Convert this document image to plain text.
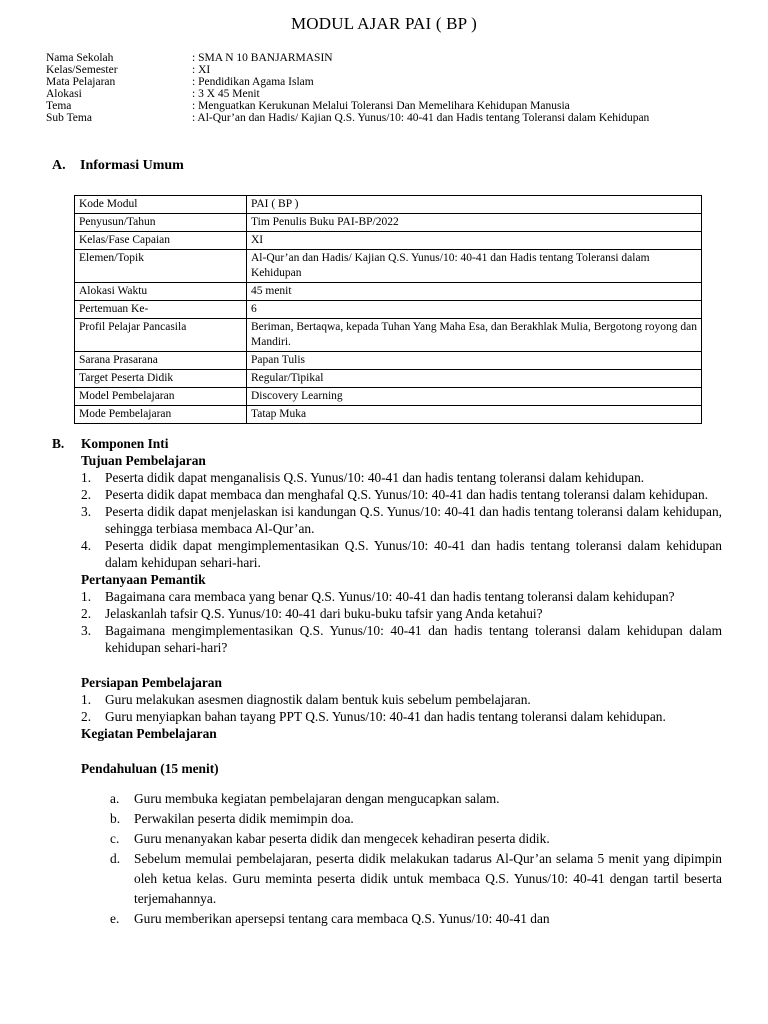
MODUL AJAR PAI ( BP )
Nama Sekolah	: SMA N 10 BANJARMASIN
Kelas/Semester	: XI
Mata Pelajaran	: Pendidikan Agama Islam
Alokasi	: 3 X 45 Menit
Tema	: Menguatkan Kerukunan Melalui Toleransi Dan Memelihara Kehidupan Manusia
Sub Tema	: Al-Qur’an dan Hadis/ Kajian Q.S. Yunus/10: 40-41 dan Hadis tentang Toleransi dalam Kehidupan
A.	Informasi Umum
Kode Modul	PAI ( BP )
Penyusun/Tahun	Tim Penulis Buku PAI-BP/2022
Kelas/Fase Capaian	XI
Elemen/Topik	Al-Qur’an dan Hadis/ Kajian Q.S. Yunus/10: 40-41 dan Hadis tentang Toleransi dalam Kehidupan
Alokasi Waktu	45 menit
Pertemuan Ke-	6
Profil Pelajar Pancasila	Beriman, Bertaqwa, kepada Tuhan Yang Maha Esa, dan Berakhlak Mulia, Bergotong royong dan Mandiri.
Sarana Prasarana	Papan Tulis
Target Peserta Didik	Regular/Tipikal
Model Pembelajaran	Discovery Learning
Mode Pembelajaran	Tatap Muka
B.	Komponen Inti
Tujuan Pembelajaran
1.	Peserta didik dapat menganalisis Q.S. Yunus/10: 40-41 dan hadis tentang toleransi dalam kehidupan.
2.	Peserta didik dapat membaca dan menghafal Q.S. Yunus/10: 40-41 dan hadis tentang toleransi dalam kehidupan.
3.	Peserta didik dapat menjelaskan isi kandungan Q.S. Yunus/10: 40-41 dan hadis tentang toleransi dalam kehidupan, sehingga terbiasa membaca Al-Qur’an.
4.	Peserta didik dapat mengimplementasikan Q.S. Yunus/10: 40-41 dan hadis tentang toleransi dalam kehidupan dalam kehidupan sehari-hari.
Pertanyaan Pemantik
1.	Bagaimana cara membaca yang benar Q.S. Yunus/10: 40-41 dan hadis tentang toleransi dalam kehidupan?
2.	Jelaskanlah tafsir Q.S. Yunus/10: 40-41 dari buku-buku tafsir yang Anda ketahui?
3.	Bagaimana mengimplementasikan Q.S. Yunus/10: 40-41 dan hadis tentang toleransi dalam kehidupan dalam kehidupan sehari-hari?
Persiapan Pembelajaran
1.	Guru melakukan asesmen diagnostik dalam bentuk kuis sebelum pembelajaran.
2.	Guru menyiapkan bahan tayang PPT Q.S. Yunus/10: 40-41 dan hadis tentang toleransi dalam kehidupan.
Kegiatan Pembelajaran
Pendahuluan (15 menit)
a.	Guru membuka kegiatan pembelajaran dengan mengucapkan salam.
b.	Perwakilan peserta didik memimpin doa.
c.	Guru menanyakan kabar peserta didik dan mengecek kehadiran peserta didik.
d.	Sebelum memulai pembelajaran, peserta didik melakukan tadarus Al-Qur’an selama 5 menit yang dipimpin oleh ketua kelas. Guru meminta peserta didik untuk membaca Q.S. Yunus/10: 40-41 dengan tartil beserta terjemahannya.
e.	Guru memberikan apersepsi tentang cara membaca Q.S. Yunus/10: 40-41 dan
